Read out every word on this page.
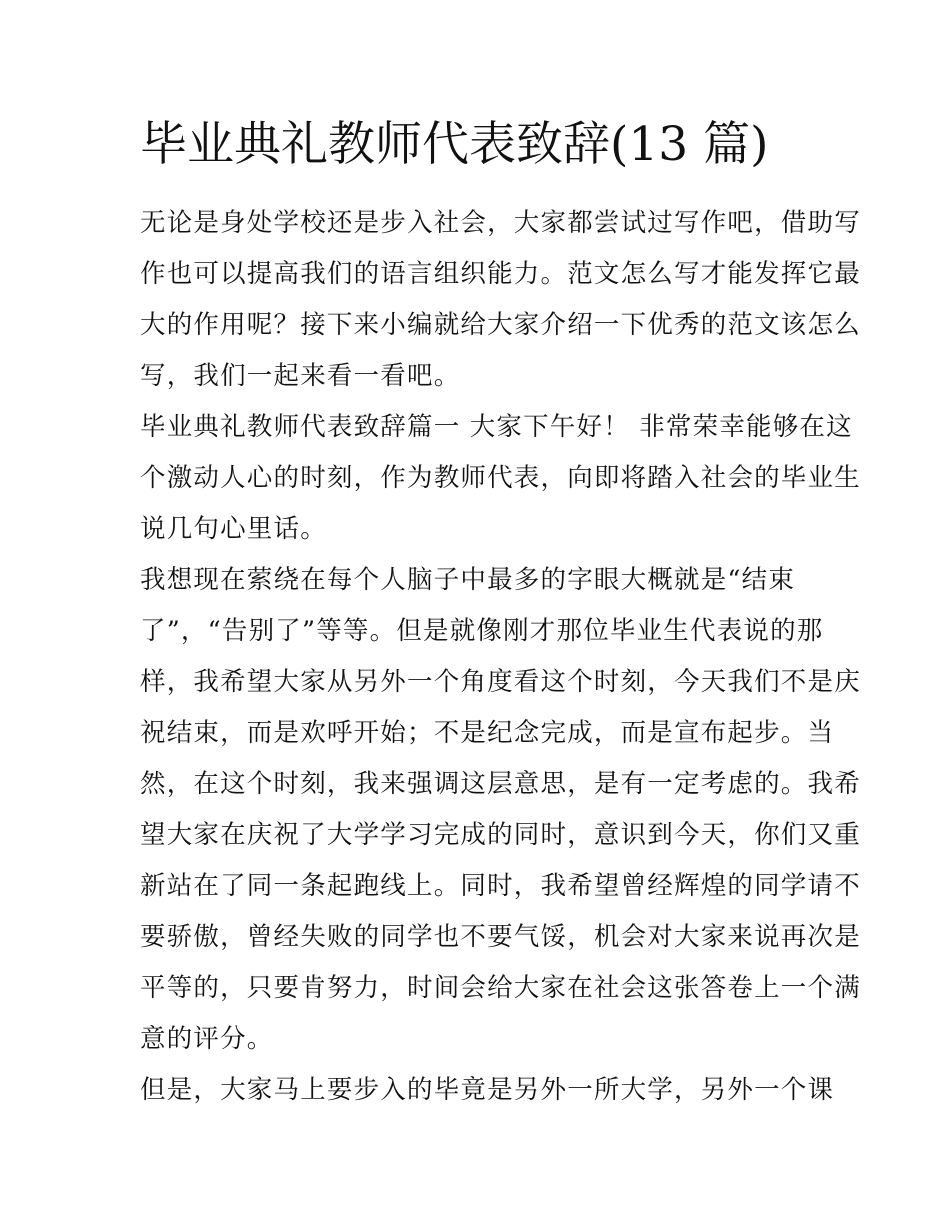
毕业典礼教师代表致辞(13 篇)
无论是身处学校还是步入社会，大家都尝试过写作吧，借助写
作也可以提高我们的语言组织能力。范文怎么写才能发挥它最
大的作用呢？接下来小编就给大家介绍一下优秀的范文该怎么
写，我们一起来看一看吧。
毕业典礼教师代表致辞篇一 大家下午好！ 非常荣幸能够在这
个激动人心的时刻，作为教师代表，向即将踏入社会的毕业生
说几句心里话。
我想现在萦绕在每个人脑子中最多的字眼大概就是“结束
了”，“告别了”等等。但是就像刚才那位毕业生代表说的那
样，我希望大家从另外一个角度看这个时刻，今天我们不是庆
祝结束，而是欢呼开始；不是纪念完成，而是宣布起步。当
然，在这个时刻，我来强调这层意思，是有一定考虑的。我希
望大家在庆祝了大学学习完成的同时，意识到今天，你们又重
新站在了同一条起跑线上。同时，我希望曾经辉煌的同学请不
要骄傲，曾经失败的同学也不要气馁，机会对大家来说再次是
平等的，只要肯努力，时间会给大家在社会这张答卷上一个满
意的评分。
但是，大家马上要步入的毕竟是另外一所大学，另外一个课
